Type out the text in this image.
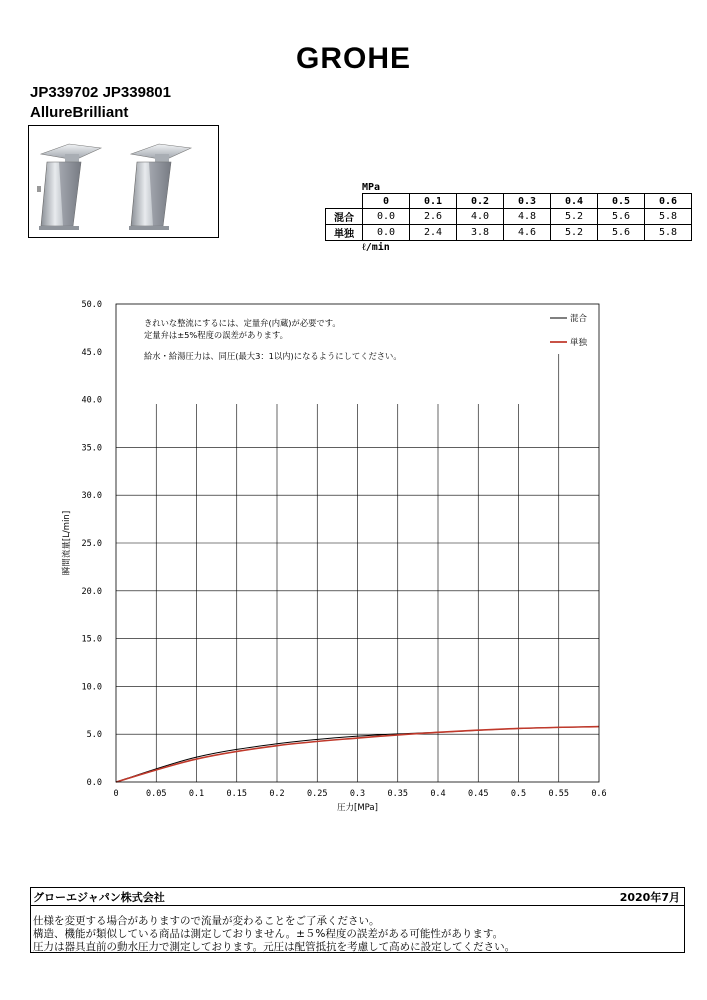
GROHE
JP339702 JP339801
AllureBrilliant
MPa
	0	0.1	0.2	0.3	0.4	0.5	0.6
混合	0.0	2.6	4.0	4.8	5.2	5.6	5.8
単独	0.0	2.4	3.8	4.6	5.2	5.6	5.8
ℓ/min
きれいな整流にするには、定量弁(内蔵)が必要です。
定量弁は±5%程度の誤差があります。
給水・給湯圧力は、同圧(最大3：1以内)になるようにしてください。
混合
単独
0	0.05	0.1	0.15	0.2	0.25	0.3	0.35	0.4	0.45	0.5	0.55	0.6
0.0
5.0
10.0
15.0
20.0
25.0
30.0
35.0
40.0
45.0
50.0
圧力[MPa]
瞬間流量[L/min]
グローエジャパン株式会社	2020年7月
仕様を変更する場合がありますので流量が変わることをご了承ください。
構造、機能が類似している商品は測定しておりません。±５%程度の誤差がある可能性があります。
圧力は器具直前の動水圧力で測定しております。元圧は配管抵抗を考慮して高めに設定してください。
